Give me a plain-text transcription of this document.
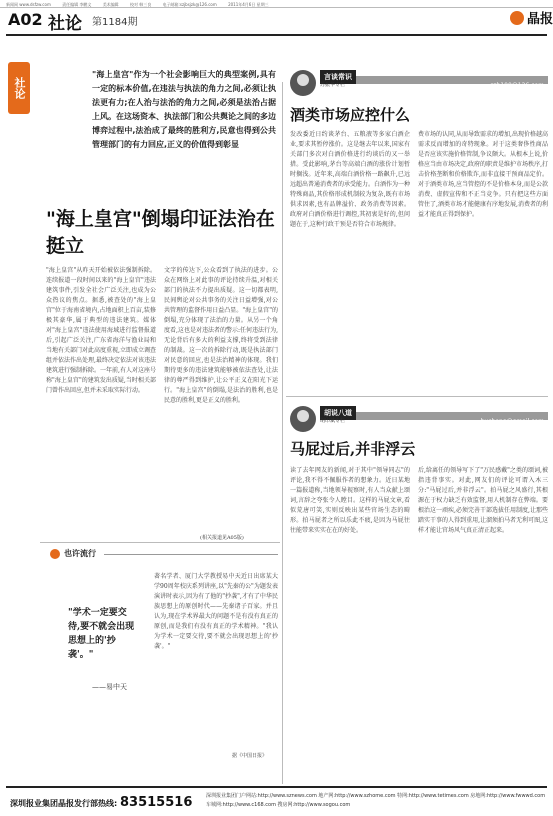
新闻网 www.dsfzw.com	责任编辑 李鹏文	美术编辑	校对 韩三良	电子邮箱:szjbsjzk@126.com	2011年4月6日 星期三
A02 社论 第1184期	晶报
社论
"海上皇宫"作为一个社会影响巨大的典型案例,具有一定的标本价值,在违法与执法的角力之间,必须让执法更有力;在人治与法治的角力之间,必须是法治占据上风。在这场资本、执法部门和公共舆论之间的多边博弈过程中,法治成了最终的胜利方,民意也得到公共管理部门的有力回应,正义的价值得到彰显
"海上皇宫"倒塌印证法治在挺立
"海上皇宫"从昨天开始被依法强制拆除。连续报道一段时间以来的"海上皇宫"违法建筑事件,引发全社会广泛关注,也成为公众热议的焦点。据悉,被查处的"海上皇宫"位于海南省境内,占地面积上百亩,装修极其豪华,属于典型的违法建筑。媒体对"海上皇宫"违法使用海域进行监督报道后,引起广泛关注,广东省海洋与渔业局和当地有关部门对此高度重视,立即成立调查组并依法作出处理,最终决定依法对该违法建筑进行强制拆除。一年前,有人对这座号称"海上皇宫"的建筑发出质疑,当时相关部门曾作出回应,但并未采取实际行动。
文字的传达下,公众看到了执法的进步。公众在网络上对此事的评论持续升温,对相关部门的执法不力提出质疑。这一切都表明,民间舆论对公共事务的关注日益增强,对公共管理的监督作用日益凸显。"海上皇宫"的倒塌,充分体现了法治的力量。从另一个角度看,这也是对违法者的警示:任何违法行为,无论背后有多大的利益支撑,终将受到法律的制裁。这一次的拆除行动,既是执法部门对民意的回应,也是法治精神的体现。我们期待更多的违法建筑能够被依法查处,让法律的尊严得到维护,让公平正义在阳光下运行。"海上皇宫"的倒塌,是法治的胜利,也是民意的胜利,更是正义的胜利。
(相关报道见A05版)
szh100@126.com
言谈常识
苏振华专栏
酒类市场应控什么
发改委近日约谈茅台、五粮液等多家白酒企业,要求其暂停涨价。这是继去年以来,国家有关部门多次对白酒价格进行约谈后的又一举措。受此影响,茅台等高端白酒的涨价计划暂时搁浅。近年来,高端白酒价格一路飙升,已远远超出普通消费者的承受能力。白酒作为一种特殊商品,其价格形成机制较为复杂,既有市场供求因素,也有品牌溢价、政务消费等因素。政府对白酒价格进行调控,其初衷是好的,但问题在于,这种行政干预是否符合市场规律。
费市场的认同,从而导致需求的增加,出现价格越高需求反而增加的奇特现象。对于这类奢侈性商品是否应该实施价格管制,争议颇大。从根本上说,价格应当由市场决定,政府的职责是维护市场秩序,打击价格垄断和价格欺诈,而非直接干预商品定价。对于酒类市场,应当管控的不是价格本身,而是公款消费、虚假宣传和不正当竞争。只有把这些方面管住了,酒类市场才能健康有序地发展,消费者的利益才能真正得到保护。
buchong@gmail.com
胡说八道
胡印斌专栏
马屁过后,并非浮云
读了去年网友的新闻,对于其中"领导同志"的评论,我不得不佩服作者的想象力。近日某地一篇报道称,当地领导视察时,有人当众献上颂词,言辞之夸张令人瞠目。这样的马屁文章,看似荒唐可笑,实则反映出某些官场生态的畸形。拍马屁者之所以乐此不疲,是因为马屁往往能带来实实在在的好处。
后,给离任的领导写下了"万民感戴"之类的颂词,被指违背事实。对此,网友们的评论可谓入木三分:"马屁过后,并非浮云"。拍马屁之风盛行,其根源在于权力缺乏有效监督,用人机制存在弊端。要根治这一顽疾,必须完善干部选拔任用制度,让那些踏实干事的人得到重用,让溜须拍马者无利可图,这样才能让官场风气真正清正起来。
也许流行
"学术一定要交待,要不就会出现思想上的'抄袭'。"
——易中天
著名学者、厦门大学教授易中天近日出席某大学90周年校庆系列讲座,以"先秦的公"为题发表演讲时表示,因为有了他的"抄袭",才有了中华民族思想上的原创时代——先秦诸子百家。并且认为,现在学术界最大的问题不是有没有真正的原创,而是我们有没有真正的学术精神。"我认为学术一定要交待,要不就会出现思想上的'抄袭'。"
据《中国日报》
深圳报业集团晶报发行部热线: 83515516	深圳报业集团门户网站:http://www.sznews.com 地产网:http://www.szhome.com 特网:http://www.tetimes.com 房地网:http://www.fwwwd.com 车城网:http://www.c168.com 搜房网:http://www.sogou.com
